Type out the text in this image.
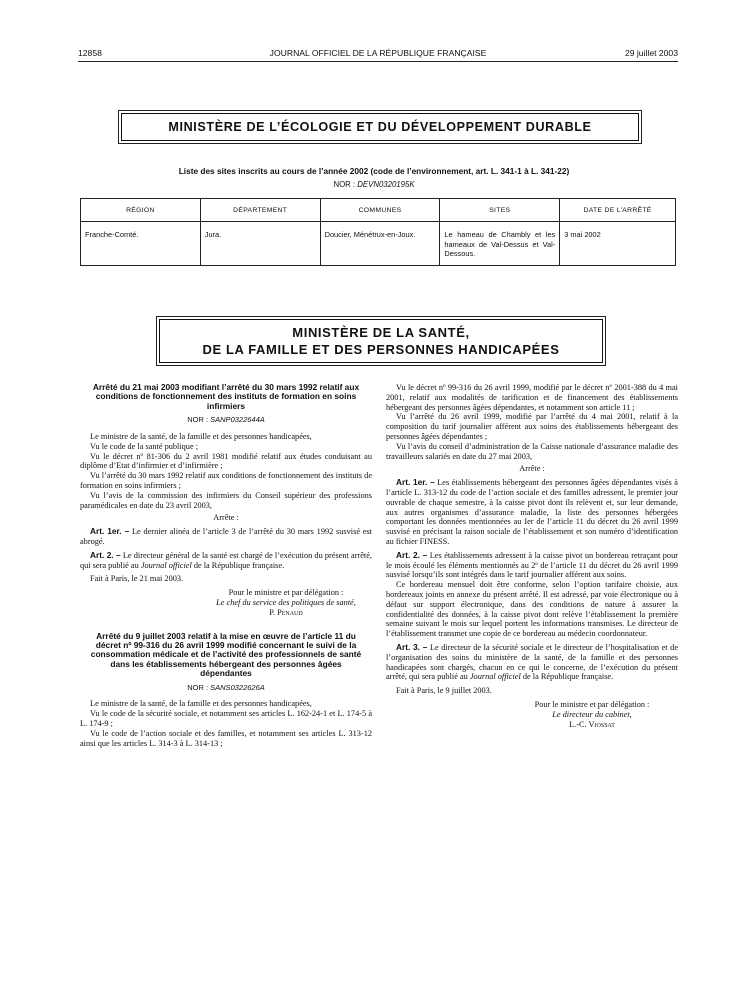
12858	JOURNAL OFFICIEL DE LA RÉPUBLIQUE FRANÇAISE	29 juillet 2003
MINISTÈRE DE L’ÉCOLOGIE ET DU DÉVELOPPEMENT DURABLE
Liste des sites inscrits au cours de l’année 2002 (code de l’environnement, art. L. 341-1 à L. 341-22)
NOR : DEVN0320195K
RÉGION	DÉPARTEMENT	COMMUNES	SITES	DATE DE L’ARRÊTÉ
Franche-Comté.	Jura.	Doucier, Ménétrux-en-Joux.	Le hameau de Chambly et les hameaux de Val-Dessus et Val-Dessous.	3 mai 2002
MINISTÈRE DE LA SANTÉ,
DE LA FAMILLE ET DES PERSONNES HANDICAPÉES
Arrêté du 21 mai 2003 modifiant l’arrêté du 30 mars 1992 relatif aux conditions de fonctionnement des instituts de formation en soins infirmiers
NOR : SANP0322644A

Le ministre de la santé, de la famille et des personnes handicapées,

Vu le code de la santé publique ;

Vu le décret nº 81-306 du 2 avril 1981 modifié relatif aux études conduisant au diplôme d’Etat d’infirmier et d’infirmière ;

Vu l’arrêté du 30 mars 1992 relatif aux conditions de fonctionnement des instituts de formation en soins infirmiers ;

Vu l’avis de la commission des infirmiers du Conseil supérieur des professions paramédicales en date du 23 avril 2003,

Arrête :

Art. 1er. – Le dernier alinéa de l’article 3 de l’arrêté du 30 mars 1992 susvisé est abrogé.

Art. 2. – Le directeur général de la santé est chargé de l’exécution du présent arrêté, qui sera publié au Journal officiel de la République française.

Fait à Paris, le 21 mai 2003.

Pour le ministre et par délégation :
Le chef du service des politiques de santé,
P. Penaud
Arrêté du 9 juillet 2003 relatif à la mise en œuvre de l’article 11 du décret nº 99-316 du 26 avril 1999 modifié concernant le suivi de la consommation médicale et de l’activité des professionnels de santé dans les établissements hébergeant des personnes âgées dépendantes
NOR : SANS0322626A

Le ministre de la santé, de la famille et des personnes handicapées,

Vu le code de la sécurité sociale, et notamment ses articles L. 162-24-1 et L. 174-5 à L. 174-9 ;

Vu le code de l’action sociale et des familles, et notamment ses articles L. 313-12 ainsi que les articles L. 314-3 à L. 314-13 ;

Vu le décret nº 99-316 du 26 avril 1999, modifié par le décret nº 2001-388 du 4 mai 2001, relatif aux modalités de tarification et de financement des établissements hébergeant des personnes âgées dépendantes, et notamment son article 11 ;

Vu l’arrêté du 26 avril 1999, modifié par l’arrêté du 4 mai 2001, relatif à la composition du tarif journalier afférent aux soins des établissements hébergeant des personnes âgées dépendantes ;

Vu l’avis du conseil d’administration de la Caisse nationale d’assurance maladie des travailleurs salariés en date du 27 mai 2003,

Arrête :

Art. 1er. – Les établissements hébergeant des personnes âgées dépendantes visés à l’article L. 313-12 du code de l’action sociale et des familles adressent, le premier jour ouvrable de chaque semestre, à la caisse pivot dont ils relèvent et, sur leur demande, aux autres organismes d’assurance maladie, la liste des personnes hébergées comportant les données mentionnées au Ier de l’article 11 du décret du 26 avril 1999 susvisé en précisant la raison sociale de l’établissement et son numéro d’identification au fichier FINESS.

Art. 2. – Les établissements adressent à la caisse pivot un bordereau retraçant pour le mois écoulé les éléments mentionnés au 2º de l’article 11 du décret du 26 avril 1999 susvisé lorsqu’ils sont intégrés dans le tarif journalier afférent aux soins.

Ce bordereau mensuel doit être conforme, selon l’option tarifaire choisie, aux bordereaux joints en annexe du présent arrêté. Il est adressé, par voie électronique ou à défaut sur support électronique, dans des conditions de nature à assurer la confidentialité des données, à la caisse pivot dont relève l’établissement la première semaine suivant le mois sur lequel portent les informations transmises. Le directeur de l’établissement transmet une copie de ce bordereau au médecin coordonnateur.

Art. 3. – Le directeur de la sécurité sociale et le directeur de l’hospitalisation et de l’organisation des soins du ministère de la santé, de la famille et des personnes handicapées sont chargés, chacun en ce qui le concerne, de l’exécution du présent arrêté, qui sera publié au Journal officiel de la République française.

Fait à Paris, le 9 juillet 2003.

Pour le ministre et par délégation :
Le directeur du cabinet,
L.-C. Viossat
